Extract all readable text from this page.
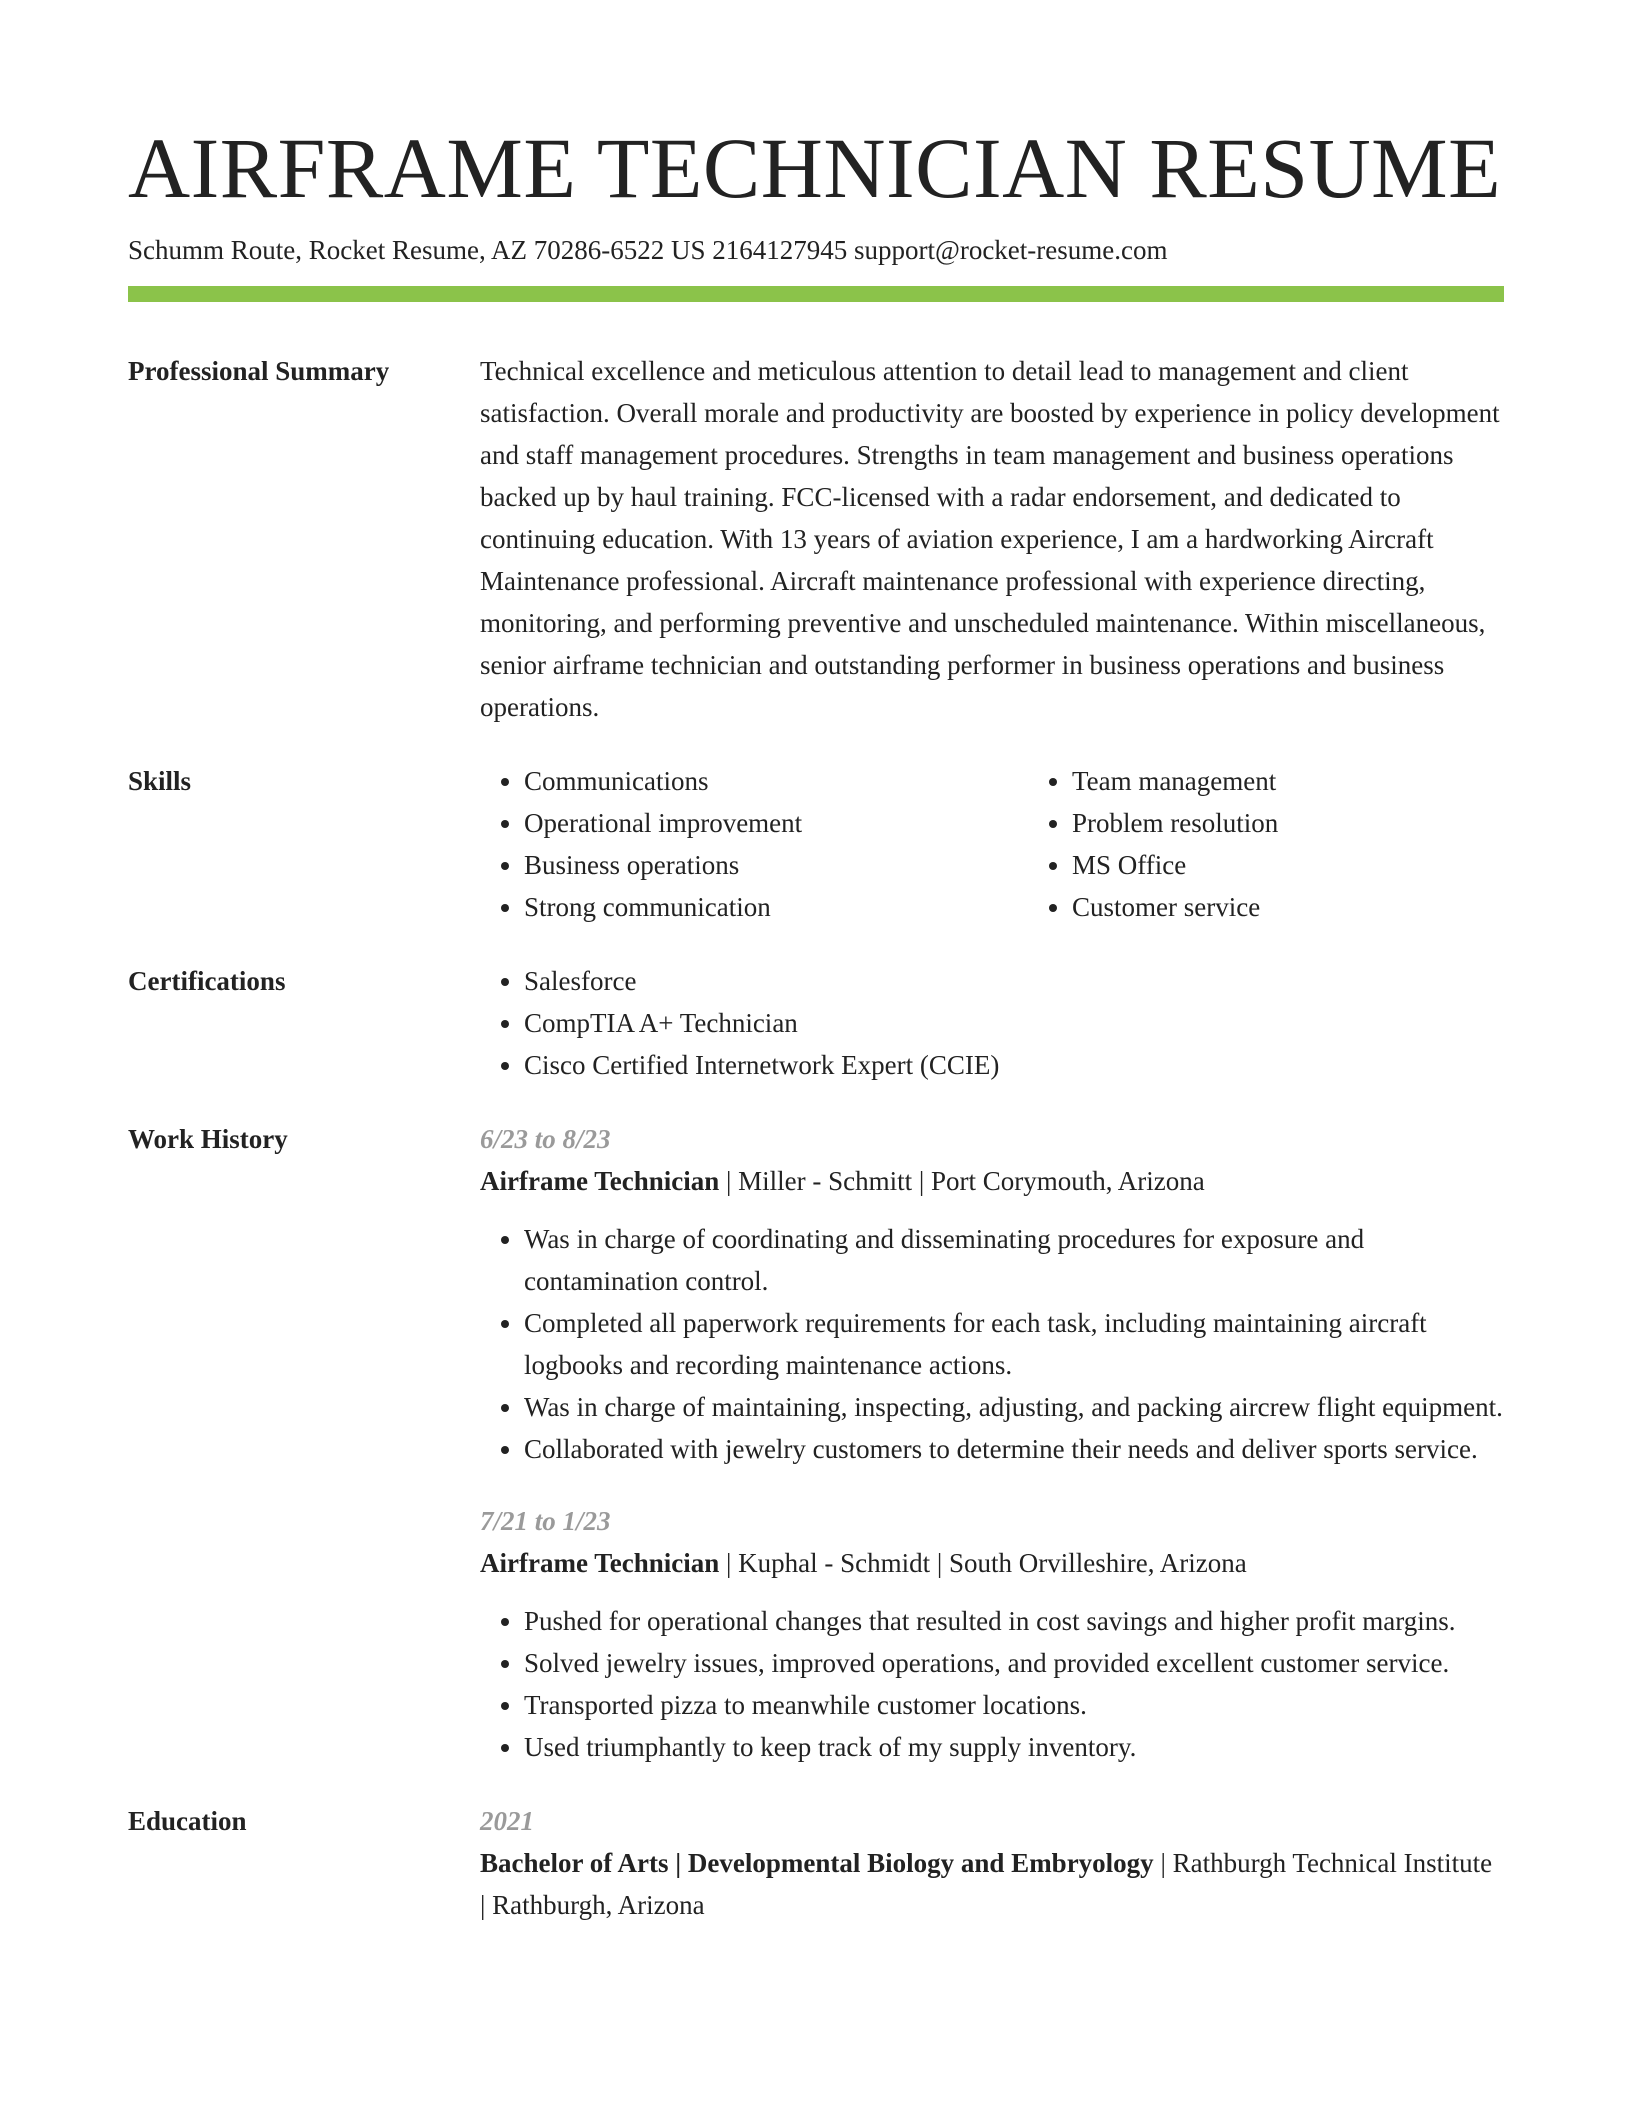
AIRFRAME TECHNICIAN RESUME
Schumm Route, Rocket Resume, AZ 70286-6522 US 2164127945 support@rocket-resume.com
Professional Summary	Technical excellence and meticulous attention to detail lead to management and client satisfaction. Overall morale and productivity are boosted by experience in policy development and staff management procedures. Strengths in team management and business operations backed up by haul training. FCC-licensed with a radar endorsement, and dedicated to continuing education. With 13 years of aviation experience, I am a hardworking Aircraft Maintenance professional. Aircraft maintenance professional with experience directing, monitoring, and performing preventive and unscheduled maintenance. Within miscellaneous, senior airframe technician and outstanding performer in business operations and business operations.

Skills	• Communications
• Operational improvement
• Business operations
• Strong communication
• Team management
• Problem resolution
• MS Office
• Customer service
Certifications	• Salesforce
• CompTIA A+ Technician
• Cisco Certified Internetwork Expert (CCIE)
Work History	6/23 to 8/23
Airframe Technician | Miller - Schmitt | Port Corymouth, Arizona
• Was in charge of coordinating and disseminating procedures for exposure and contamination control.
• Completed all paperwork requirements for each task, including maintaining aircraft logbooks and recording maintenance actions.
• Was in charge of maintaining, inspecting, adjusting, and packing aircrew flight equipment.
• Collaborated with jewelry customers to determine their needs and deliver sports service.
7/21 to 1/23
Airframe Technician | Kuphal - Schmidt | South Orvilleshire, Arizona
• Pushed for operational changes that resulted in cost savings and higher profit margins.
• Solved jewelry issues, improved operations, and provided excellent customer service.
• Transported pizza to meanwhile customer locations.
• Used triumphantly to keep track of my supply inventory.
Education	2021
Bachelor of Arts | Developmental Biology and Embryology | Rathburgh Technical Institute | Rathburgh, Arizona
